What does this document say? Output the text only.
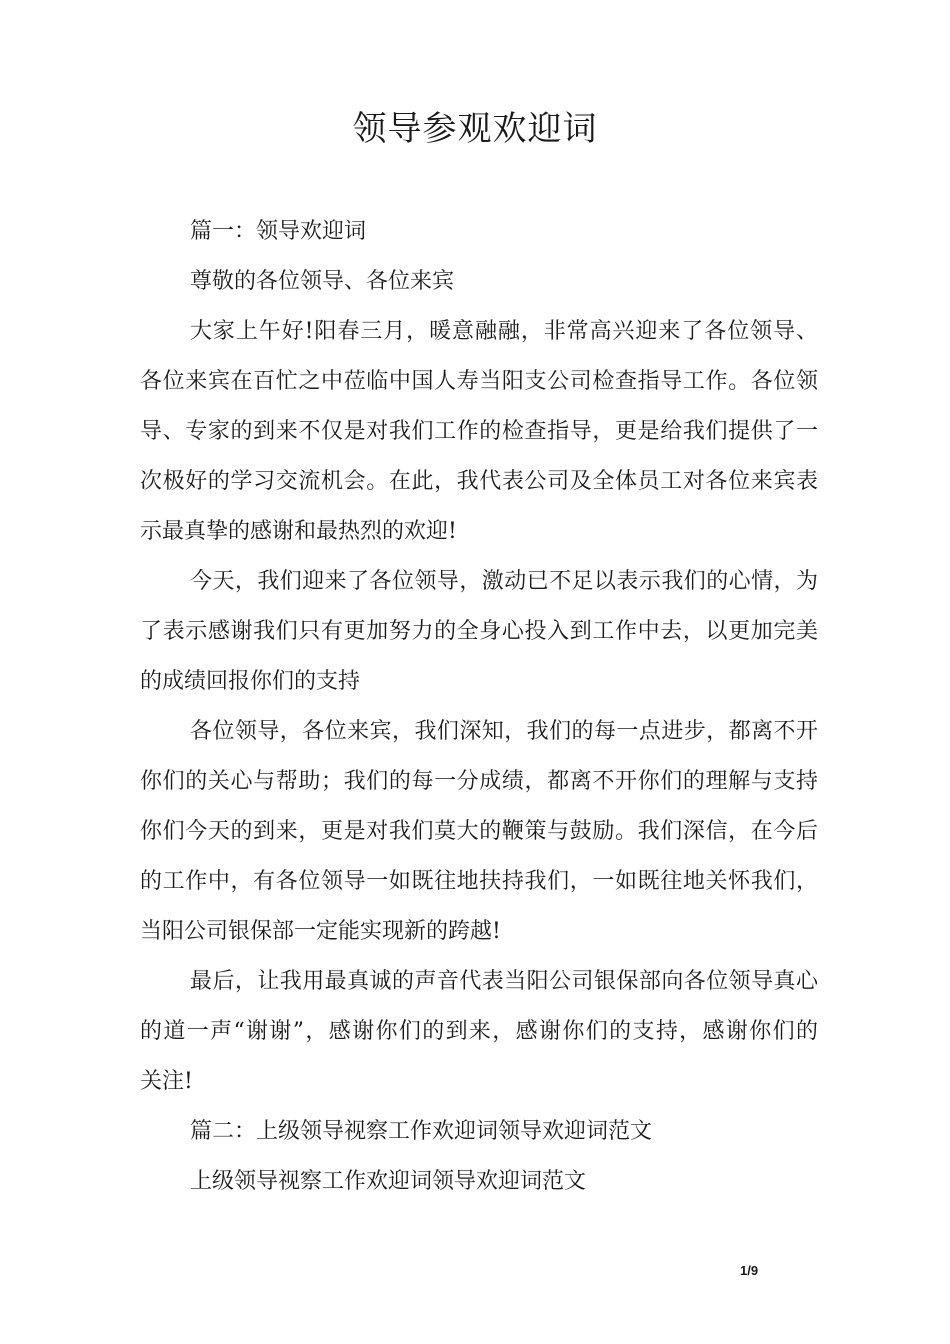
领导参观欢迎词

篇一：领导欢迎词

尊敬的各位领导、各位来宾

大家上午好!阳春三月，暖意融融，非常高兴迎来了各位领导、

各位来宾在百忙之中莅临中国人寿当阳支公司检查指导工作。各位领

导、专家的到来不仅是对我们工作的检查指导，更是给我们提供了一

次极好的学习交流机会。在此，我代表公司及全体员工对各位来宾表

示最真挚的感谢和最热烈的欢迎!

今天，我们迎来了各位领导，激动已不足以表示我们的心情，为

了表示感谢我们只有更加努力的全身心投入到工作中去，以更加完美

的成绩回报你们的支持

各位领导，各位来宾，我们深知，我们的每一点进步，都离不开

你们的关心与帮助；我们的每一分成绩，都离不开你们的理解与支持

你们今天的到来，更是对我们莫大的鞭策与鼓励。我们深信，在今后

的工作中，有各位领导一如既往地扶持我们，一如既往地关怀我们，

当阳公司银保部一定能实现新的跨越!

最后，让我用最真诚的声音代表当阳公司银保部向各位领导真心

的道一声“谢谢”，感谢你们的到来，感谢你们的支持，感谢你们的

关注!

篇二：上级领导视察工作欢迎词领导欢迎词范文

上级领导视察工作欢迎词领导欢迎词范文

1/9
